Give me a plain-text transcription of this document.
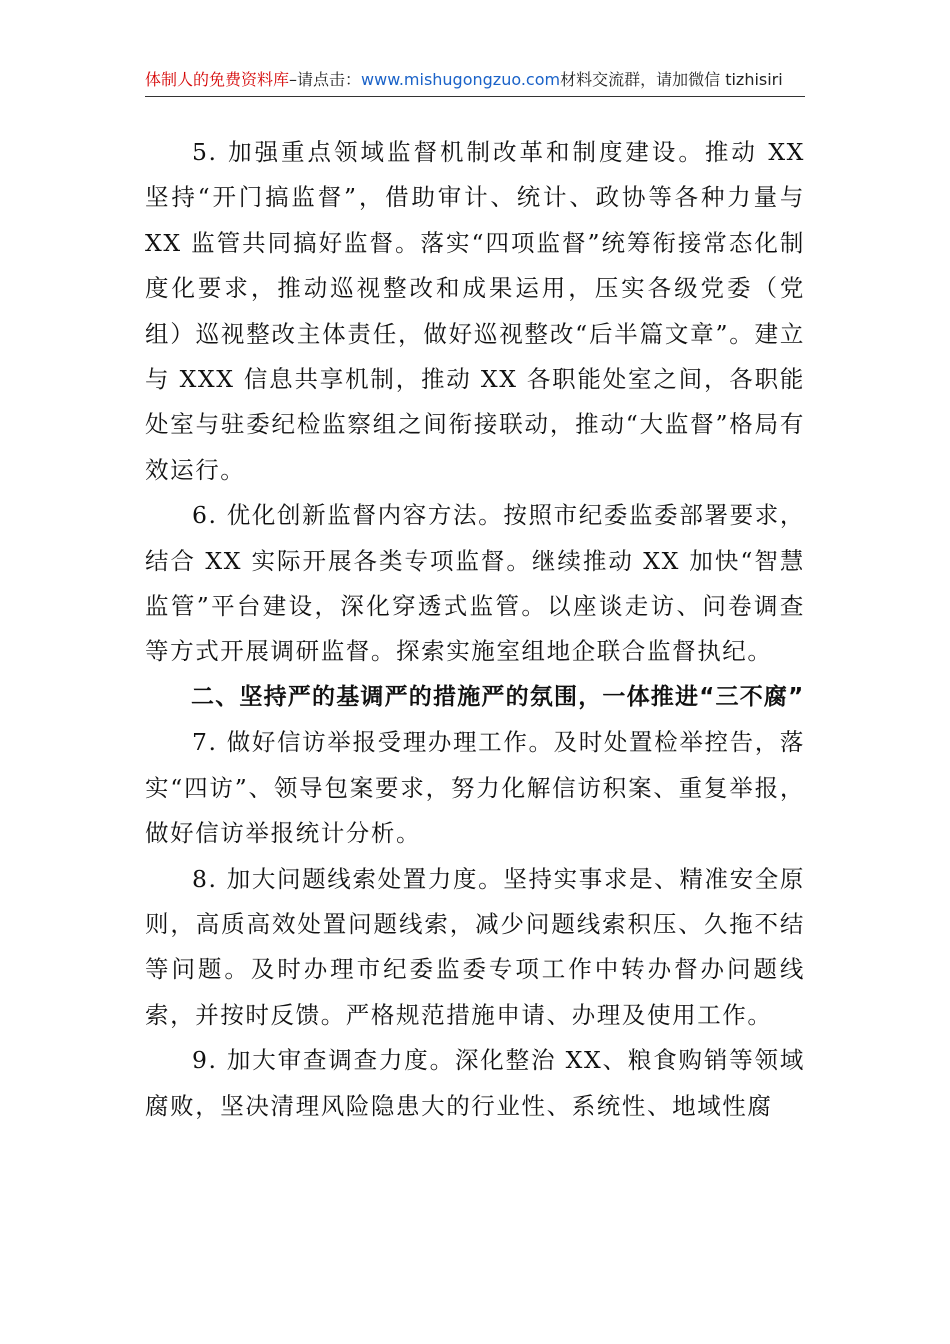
体制人的免费资料库–请点击：www.mishugongzuo.com材料交流群，请加微信 tizhisiri

5. 加强重点领域监督机制改革和制度建设。推动 XX 坚持“开门搞监督”，借助审计、统计、政协等各种力量与 XX 监管共同搞好监督。落实“四项监督”统筹衔接常态化制度化要求，推动巡视整改和成果运用，压实各级党委（党组）巡视整改主体责任，做好巡视整改“后半篇文章”。建立与 XXX 信息共享机制，推动 XX 各职能处室之间，各职能处室与驻委纪检监察组之间衔接联动，推动“大监督”格局有效运行。

6. 优化创新监督内容方法。按照市纪委监委部署要求，结合 XX 实际开展各类专项监督。继续推动 XX 加快“智慧监管”平台建设，深化穿透式监管。以座谈走访、问卷调查等方式开展调研监督。探索实施室组地企联合监督执纪。

二、坚持严的基调严的措施严的氛围，一体推进“三不腐”

7. 做好信访举报受理办理工作。及时处置检举控告，落实“四访”、领导包案要求，努力化解信访积案、重复举报，做好信访举报统计分析。

8. 加大问题线索处置力度。坚持实事求是、精准安全原则，高质高效处置问题线索，减少问题线索积压、久拖不结等问题。及时办理市纪委监委专项工作中转办督办问题线索，并按时反馈。严格规范措施申请、办理及使用工作。

9. 加大审查调查力度。深化整治 XX、粮食购销等领域腐败，坚决清理风险隐患大的行业性、系统性、地域性腐
